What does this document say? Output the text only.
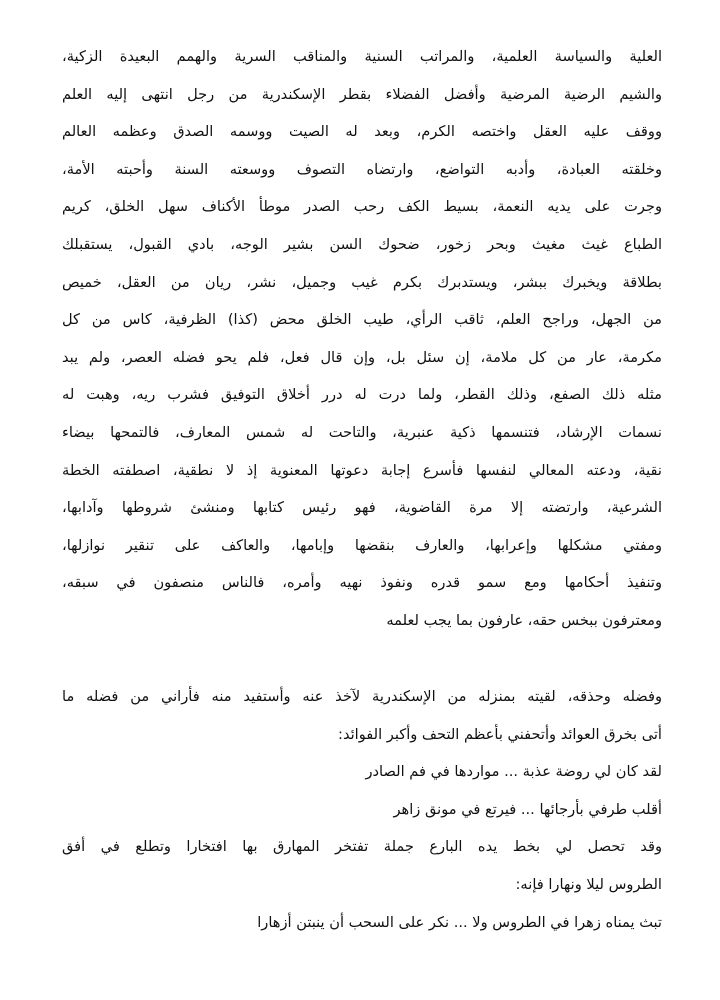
العلية والسياسة العلمية، والمراتب السنية والمناقب السرية والهمم البعيدة الزكية،
والشيم الرضية المرضية وأفضل الفضلاء بقطر الإسكندرية من رجل انتهى إليه العلم
ووقف عليه العقل واختصه الكرم، وبعد له الصيت ووسمه الصدق وعظمه العالم
وخلقته العبادة، وأدبه التواضع، وارتضاه التصوف ووسعته السنة وأحبته الأمة،
وجرت على يديه النعمة، بسيط الكف رحب الصدر موطأ الأكناف سهل الخلق، كريم
الطباع غيث مغيث وبحر زخور، ضحوك السن بشير الوجه، بادي القبول، يستقبلك
بطلاقة ويخبرك ببشر، ويستدبرك بكرم غيب وجميل، نشر، ريان من العقل، خميص
من الجهل، وراجح العلم، ثاقب الرأي، طيب الخلق محض (كذا) الظرفية، كاس من كل
مكرمة، عار من كل ملامة، إن سئل بل، وإن قال فعل، فلم يحو فضله العصر، ولم يبد
مثله ذلك الصفع، وذلك القطر، ولما درت له درر أخلاق التوفيق فشرب ريه، وهبت له
نسمات الإرشاد، فتنسمها ذكية عنبرية، والتاحت له شمس المعارف، فالتمحها بيضاء
نقية، ودعته المعالي لنفسها فأسرع إجابة دعوتها المعنوية إذ لا نطقية، اصطفته الخطة
الشرعية، وارتضته إلا مرة القاضوية، فهو رئيس كتابها ومنشئ شروطها وآدابها،
ومفتي مشكلها وإعرابها، والعارف بنقضها وإبامها، والعاكف على تنقير نوازلها،
وتنفيذ أحكامها ومع سمو قدره ونفوذ نهيه وأمره، فالناس منصفون في سبقه،
ومعترفون ببخس حقه، عارفون بما يجب لعلمه
وفضله وحذقه، لقيته بمنزله من الإسكندرية لآخذ عنه وأستفيد منه فأراني من فضله ما
أتى بخرق العوائد وأتحفني بأعظم التحف وأكبر الفوائد:
لقد كان لي روضة عذبة ... مواردها في فم الصادر
أقلب طرفي بأرجائها ... فيرتع في مونق زاهر
وقد تحصل لي بخط يده البارع جملة تفتخر المهارق بها افتخارا وتطلع في أفق
الطروس ليلا ونهارا فإنه:
تبث يمناه زهرا في الطروس ولا ... نكر على السحب أن ينبتن أزهارا
